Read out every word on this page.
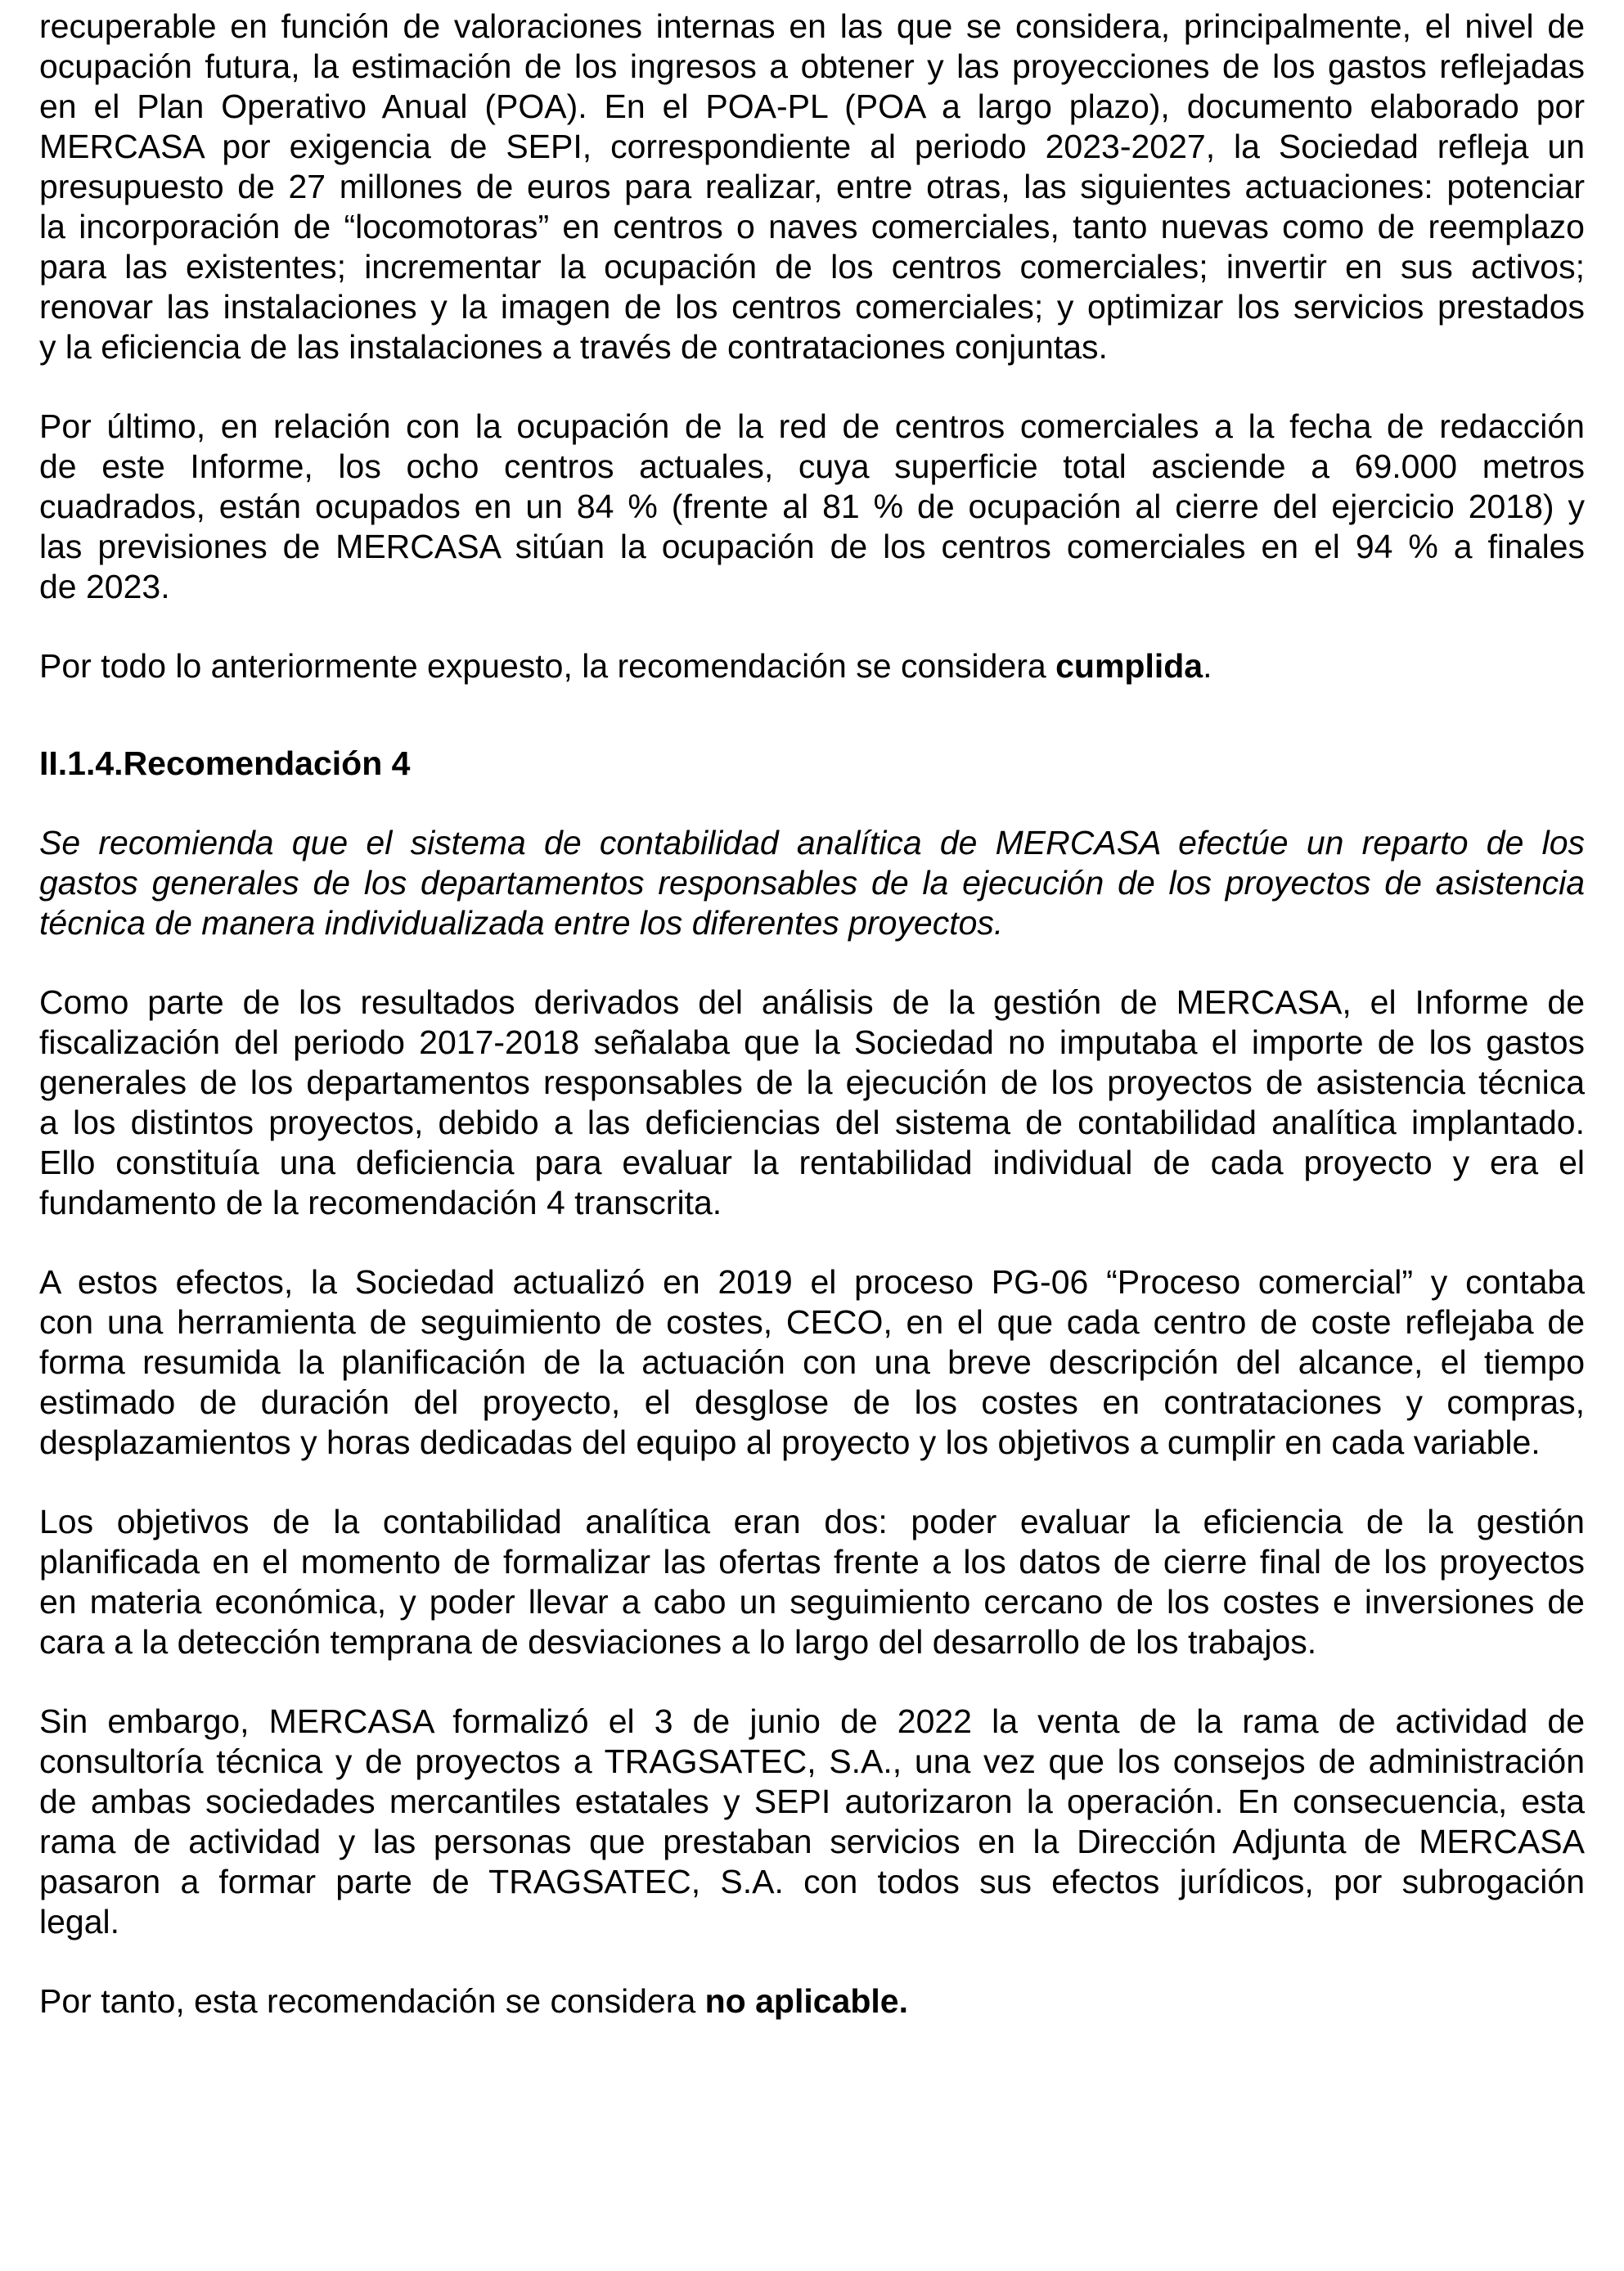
recuperable en función de valoraciones internas en las que se considera, principalmente, el nivel de
ocupación futura, la estimación de los ingresos a obtener y las proyecciones de los gastos reflejadas
en el Plan Operativo Anual (POA). En el POA-PL (POA a largo plazo), documento elaborado por
MERCASA por exigencia de SEPI, correspondiente al periodo 2023-2027, la Sociedad refleja un
presupuesto de 27 millones de euros para realizar, entre otras, las siguientes actuaciones: potenciar
la incorporación de “locomotoras” en centros o naves comerciales, tanto nuevas como de reemplazo
para las existentes; incrementar la ocupación de los centros comerciales; invertir en sus activos;
renovar las instalaciones y la imagen de los centros comerciales; y optimizar los servicios prestados
y la eficiencia de las instalaciones a través de contrataciones conjuntas.
Por último, en relación con la ocupación de la red de centros comerciales a la fecha de redacción
de este Informe, los ocho centros actuales, cuya superficie total asciende a 69.000 metros
cuadrados, están ocupados en un 84 % (frente al 81 % de ocupación al cierre del ejercicio 2018) y
las previsiones de MERCASA sitúan la ocupación de los centros comerciales en el 94 % a finales
de 2023.
Por todo lo anteriormente expuesto, la recomendación se considera cumplida.
II.1.4.Recomendación 4
Se recomienda que el sistema de contabilidad analítica de MERCASA efectúe un reparto de los
gastos generales de los departamentos responsables de la ejecución de los proyectos de asistencia
técnica de manera individualizada entre los diferentes proyectos.
Como parte de los resultados derivados del análisis de la gestión de MERCASA, el Informe de
fiscalización del periodo 2017-2018 señalaba que la Sociedad no imputaba el importe de los gastos
generales de los departamentos responsables de la ejecución de los proyectos de asistencia técnica
a los distintos proyectos, debido a las deficiencias del sistema de contabilidad analítica implantado.
Ello constituía una deficiencia para evaluar la rentabilidad individual de cada proyecto y era el
fundamento de la recomendación 4 transcrita.
A estos efectos, la Sociedad actualizó en 2019 el proceso PG-06 “Proceso comercial” y contaba
con una herramienta de seguimiento de costes, CECO, en el que cada centro de coste reflejaba de
forma resumida la planificación de la actuación con una breve descripción del alcance, el tiempo
estimado de duración del proyecto, el desglose de los costes en contrataciones y compras,
desplazamientos y horas dedicadas del equipo al proyecto y los objetivos a cumplir en cada variable.
Los objetivos de la contabilidad analítica eran dos: poder evaluar la eficiencia de la gestión
planificada en el momento de formalizar las ofertas frente a los datos de cierre final de los proyectos
en materia económica, y poder llevar a cabo un seguimiento cercano de los costes e inversiones de
cara a la detección temprana de desviaciones a lo largo del desarrollo de los trabajos.
Sin embargo, MERCASA formalizó el 3 de junio de 2022 la venta de la rama de actividad de
consultoría técnica y de proyectos a TRAGSATEC, S.A., una vez que los consejos de administración
de ambas sociedades mercantiles estatales y SEPI autorizaron la operación. En consecuencia, esta
rama de actividad y las personas que prestaban servicios en la Dirección Adjunta de MERCASA
pasaron a formar parte de TRAGSATEC, S.A. con todos sus efectos jurídicos, por subrogación
legal.
Por tanto, esta recomendación se considera no aplicable.
